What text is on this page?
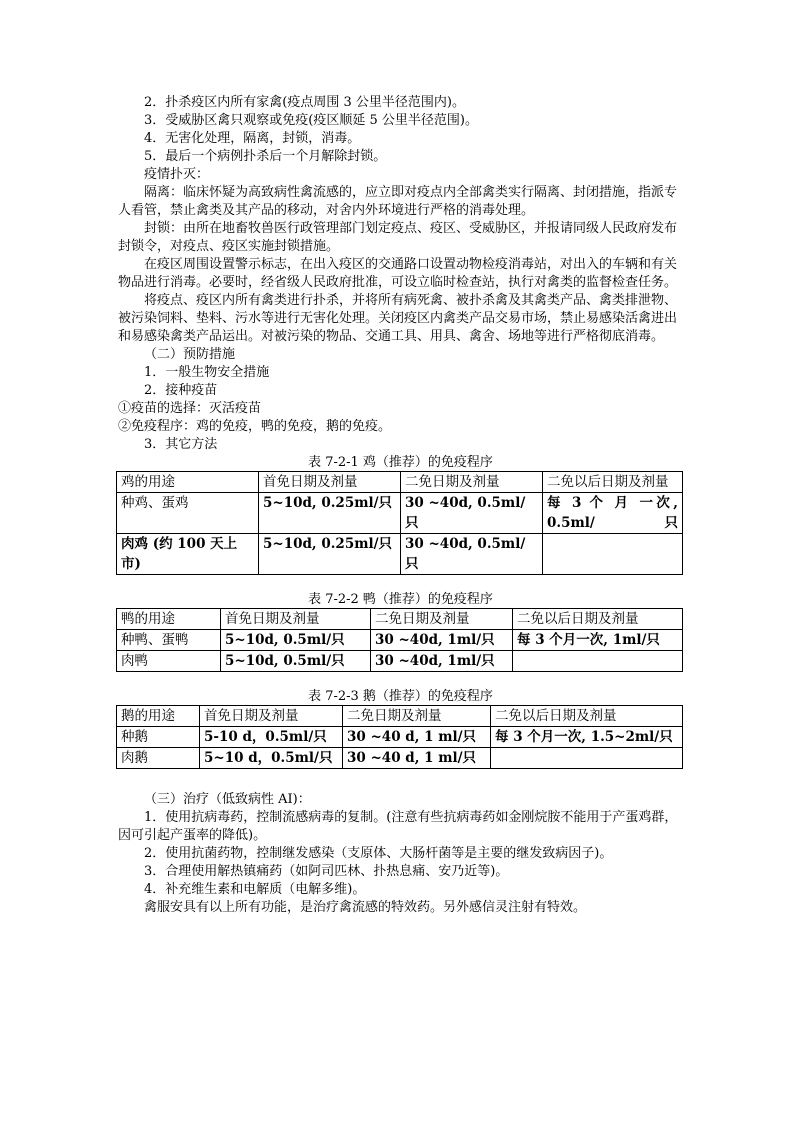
2．扑杀疫区内所有家禽(疫点周围 3 公里半径范围内)。

3．受威胁区禽只观察或免疫(疫区顺延 5 公里半径范围)。

4．无害化处理，隔离，封锁，消毒。

5．最后一个病例扑杀后一个月解除封锁。

疫情扑灭：

隔离：临床怀疑为高致病性禽流感的，应立即对疫点内全部禽类实行隔离、封闭措施，指派专人看管，禁止禽类及其产品的移动，对舍内外环境进行严格的消毒处理。

封锁：由所在地畜牧兽医行政管理部门划定疫点、疫区、受威胁区，并报请同级人民政府发布封锁令，对疫点、疫区实施封锁措施。

在疫区周围设置警示标志，在出入疫区的交通路口设置动物检疫消毒站，对出入的车辆和有关物品进行消毒。必要时，经省级人民政府批准，可设立临时检查站，执行对禽类的监督检查任务。

将疫点、疫区内所有禽类进行扑杀，并将所有病死禽、被扑杀禽及其禽类产品、禽类排泄物、被污染饲料、垫料、污水等进行无害化处理。关闭疫区内禽类产品交易市场，禁止易感染活禽进出和易感染禽类产品运出。对被污染的物品、交通工具、用具、禽舍、场地等进行严格彻底消毒。

（二）预防措施

1．一般生物安全措施

2．接种疫苗

①疫苗的选择：灭活疫苗

②免疫程序：鸡的免疫，鸭的免疫，鹅的免疫。

3．其它方法

表 7-2-1 鸡（推荐）的免疫程序

鸡的用途	首免日期及剂量	二免日期及剂量	二免以后日期及剂量
种鸡、蛋鸡	5~10d, 0.25ml/只	30 ~40d, 0.5ml/只	每 3 个 月 一次, 0.5ml/只
肉鸡 (约 100 天上市)	5~10d, 0.25ml/只	30 ~40d, 0.5ml/只	

表 7-2-2 鸭（推荐）的免疫程序

鸭的用途	首免日期及剂量	二免日期及剂量	二免以后日期及剂量
种鸭、蛋鸭	5~10d, 0.5ml/只	30 ~40d, 1ml/只	每 3 个月一次, 1ml/只
肉鸭	5~10d, 0.5ml/只	30 ~40d, 1ml/只	

表 7-2-3 鹅（推荐）的免疫程序

鹅的用途	首免日期及剂量	二免日期及剂量	二免以后日期及剂量
种鹅	5-10 d，0.5ml/只	30 ~40 d, 1 ml/只	每 3 个月一次, 1.5~2ml/只
肉鹅	5~10 d，0.5ml/只	30 ~40 d, 1 ml/只	

（三）治疗（低致病性 AI)：

1．使用抗病毒药，控制流感病毒的复制。(注意有些抗病毒药如金刚烷胺不能用于产蛋鸡群，因可引起产蛋率的降低)。

2．使用抗菌药物，控制继发感染（支原体、大肠杆菌等是主要的继发致病因子)。

3．合理使用解热镇痛药（如阿司匹林、扑热息痛、安乃近等)。

4．补充维生素和电解质（电解多维)。

禽服安具有以上所有功能，是治疗禽流感的特效药。另外感信灵注射有特效。
